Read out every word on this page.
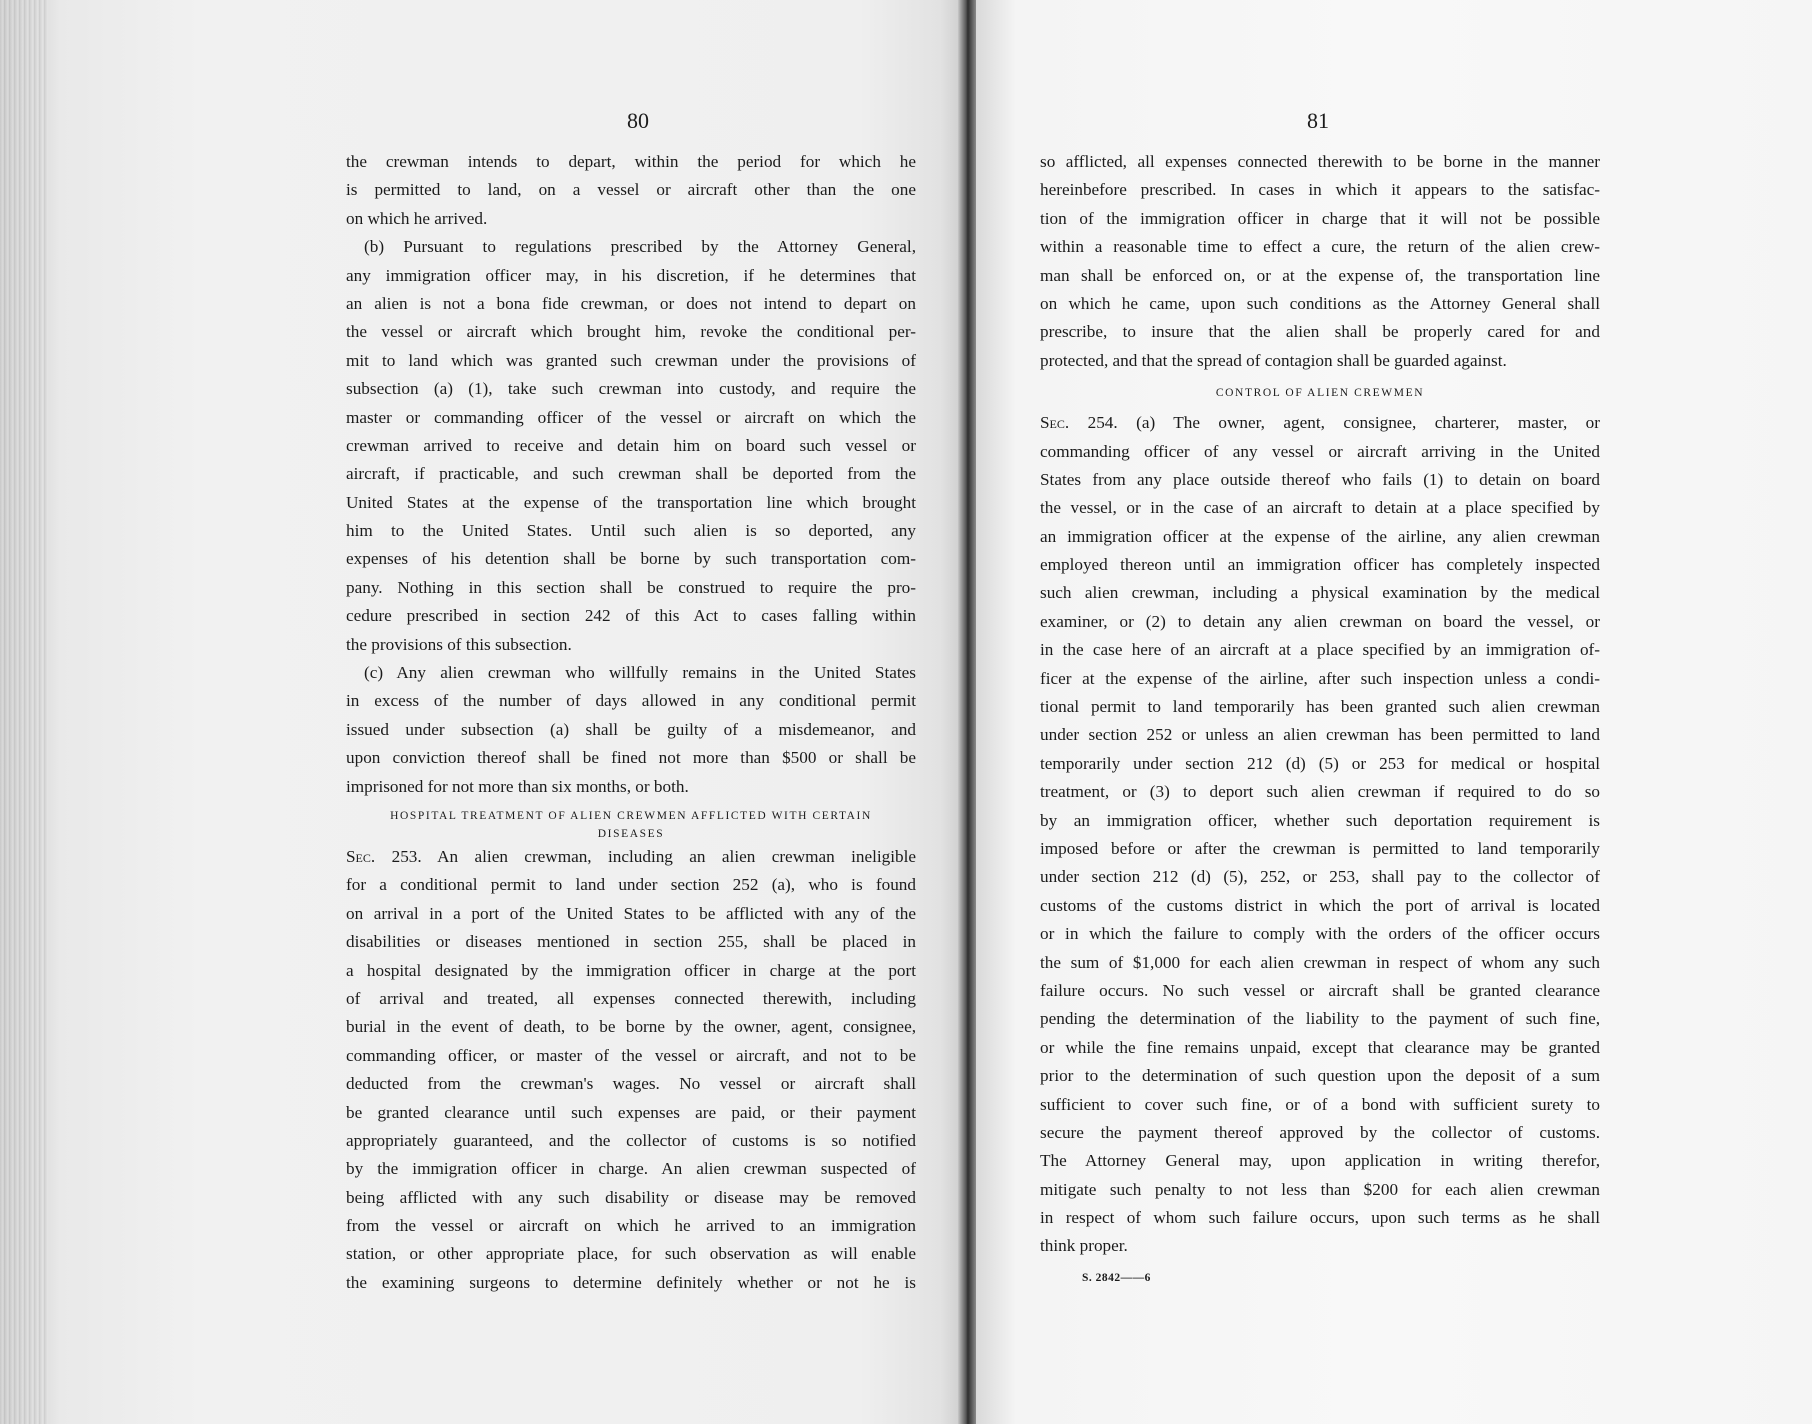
80
the crewman intends to depart, within the period for which he
is permitted to land, on a vessel or aircraft other than the one
on which he arrived.
(b) Pursuant to regulations prescribed by the Attorney General,
any immigration officer may, in his discretion, if he determines that
an alien is not a bona fide crewman, or does not intend to depart on
the vessel or aircraft which brought him, revoke the conditional per-
mit to land which was granted such crewman under the provisions of
subsection (a) (1), take such crewman into custody, and require the
master or commanding officer of the vessel or aircraft on which the
crewman arrived to receive and detain him on board such vessel or
aircraft, if practicable, and such crewman shall be deported from the
United States at the expense of the transportation line which brought
him to the United States. Until such alien is so deported, any
expenses of his detention shall be borne by such transportation com-
pany. Nothing in this section shall be construed to require the pro-
cedure prescribed in section 242 of this Act to cases falling within
the provisions of this subsection.
(c) Any alien crewman who willfully remains in the United States
in excess of the number of days allowed in any conditional permit
issued under subsection (a) shall be guilty of a misdemeanor, and
upon conviction thereof shall be fined not more than $500 or shall be
imprisoned for not more than six months, or both.
HOSPITAL TREATMENT OF ALIEN CREWMEN AFFLICTED WITH CERTAIN
DISEASES
Sec. 253. An alien crewman, including an alien crewman ineligible
for a conditional permit to land under section 252 (a), who is found
on arrival in a port of the United States to be afflicted with any of the
disabilities or diseases mentioned in section 255, shall be placed in
a hospital designated by the immigration officer in charge at the port
of arrival and treated, all expenses connected therewith, including
burial in the event of death, to be borne by the owner, agent, consignee,
commanding officer, or master of the vessel or aircraft, and not to be
deducted from the crewman's wages. No vessel or aircraft shall
be granted clearance until such expenses are paid, or their payment
appropriately guaranteed, and the collector of customs is so notified
by the immigration officer in charge. An alien crewman suspected of
being afflicted with any such disability or disease may be removed
from the vessel or aircraft on which he arrived to an immigration
station, or other appropriate place, for such observation as will enable
the examining surgeons to determine definitely whether or not he is
81
so afflicted, all expenses connected therewith to be borne in the manner
hereinbefore prescribed. In cases in which it appears to the satisfac-
tion of the immigration officer in charge that it will not be possible
within a reasonable time to effect a cure, the return of the alien crew-
man shall be enforced on, or at the expense of, the transportation line
on which he came, upon such conditions as the Attorney General shall
prescribe, to insure that the alien shall be properly cared for and
protected, and that the spread of contagion shall be guarded against.
CONTROL OF ALIEN CREWMEN
Sec. 254. (a) The owner, agent, consignee, charterer, master, or
commanding officer of any vessel or aircraft arriving in the United
States from any place outside thereof who fails (1) to detain on board
the vessel, or in the case of an aircraft to detain at a place specified by
an immigration officer at the expense of the airline, any alien crewman
employed thereon until an immigration officer has completely inspected
such alien crewman, including a physical examination by the medical
examiner, or (2) to detain any alien crewman on board the vessel, or
in the case here of an aircraft at a place specified by an immigration of-
ficer at the expense of the airline, after such inspection unless a condi-
tional permit to land temporarily has been granted such alien crewman
under section 252 or unless an alien crewman has been permitted to land
temporarily under section 212 (d) (5) or 253 for medical or hospital
treatment, or (3) to deport such alien crewman if required to do so
by an immigration officer, whether such deportation requirement is
imposed before or after the crewman is permitted to land temporarily
under section 212 (d) (5), 252, or 253, shall pay to the collector of
customs of the customs district in which the port of arrival is located
or in which the failure to comply with the orders of the officer occurs
the sum of $1,000 for each alien crewman in respect of whom any such
failure occurs. No such vessel or aircraft shall be granted clearance
pending the determination of the liability to the payment of such fine,
or while the fine remains unpaid, except that clearance may be granted
prior to the determination of such question upon the deposit of a sum
sufficient to cover such fine, or of a bond with sufficient surety to
secure the payment thereof approved by the collector of customs.
The Attorney General may, upon application in writing therefor,
mitigate such penalty to not less than $200 for each alien crewman
in respect of whom such failure occurs, upon such terms as he shall
think proper.
S. 2842——6
